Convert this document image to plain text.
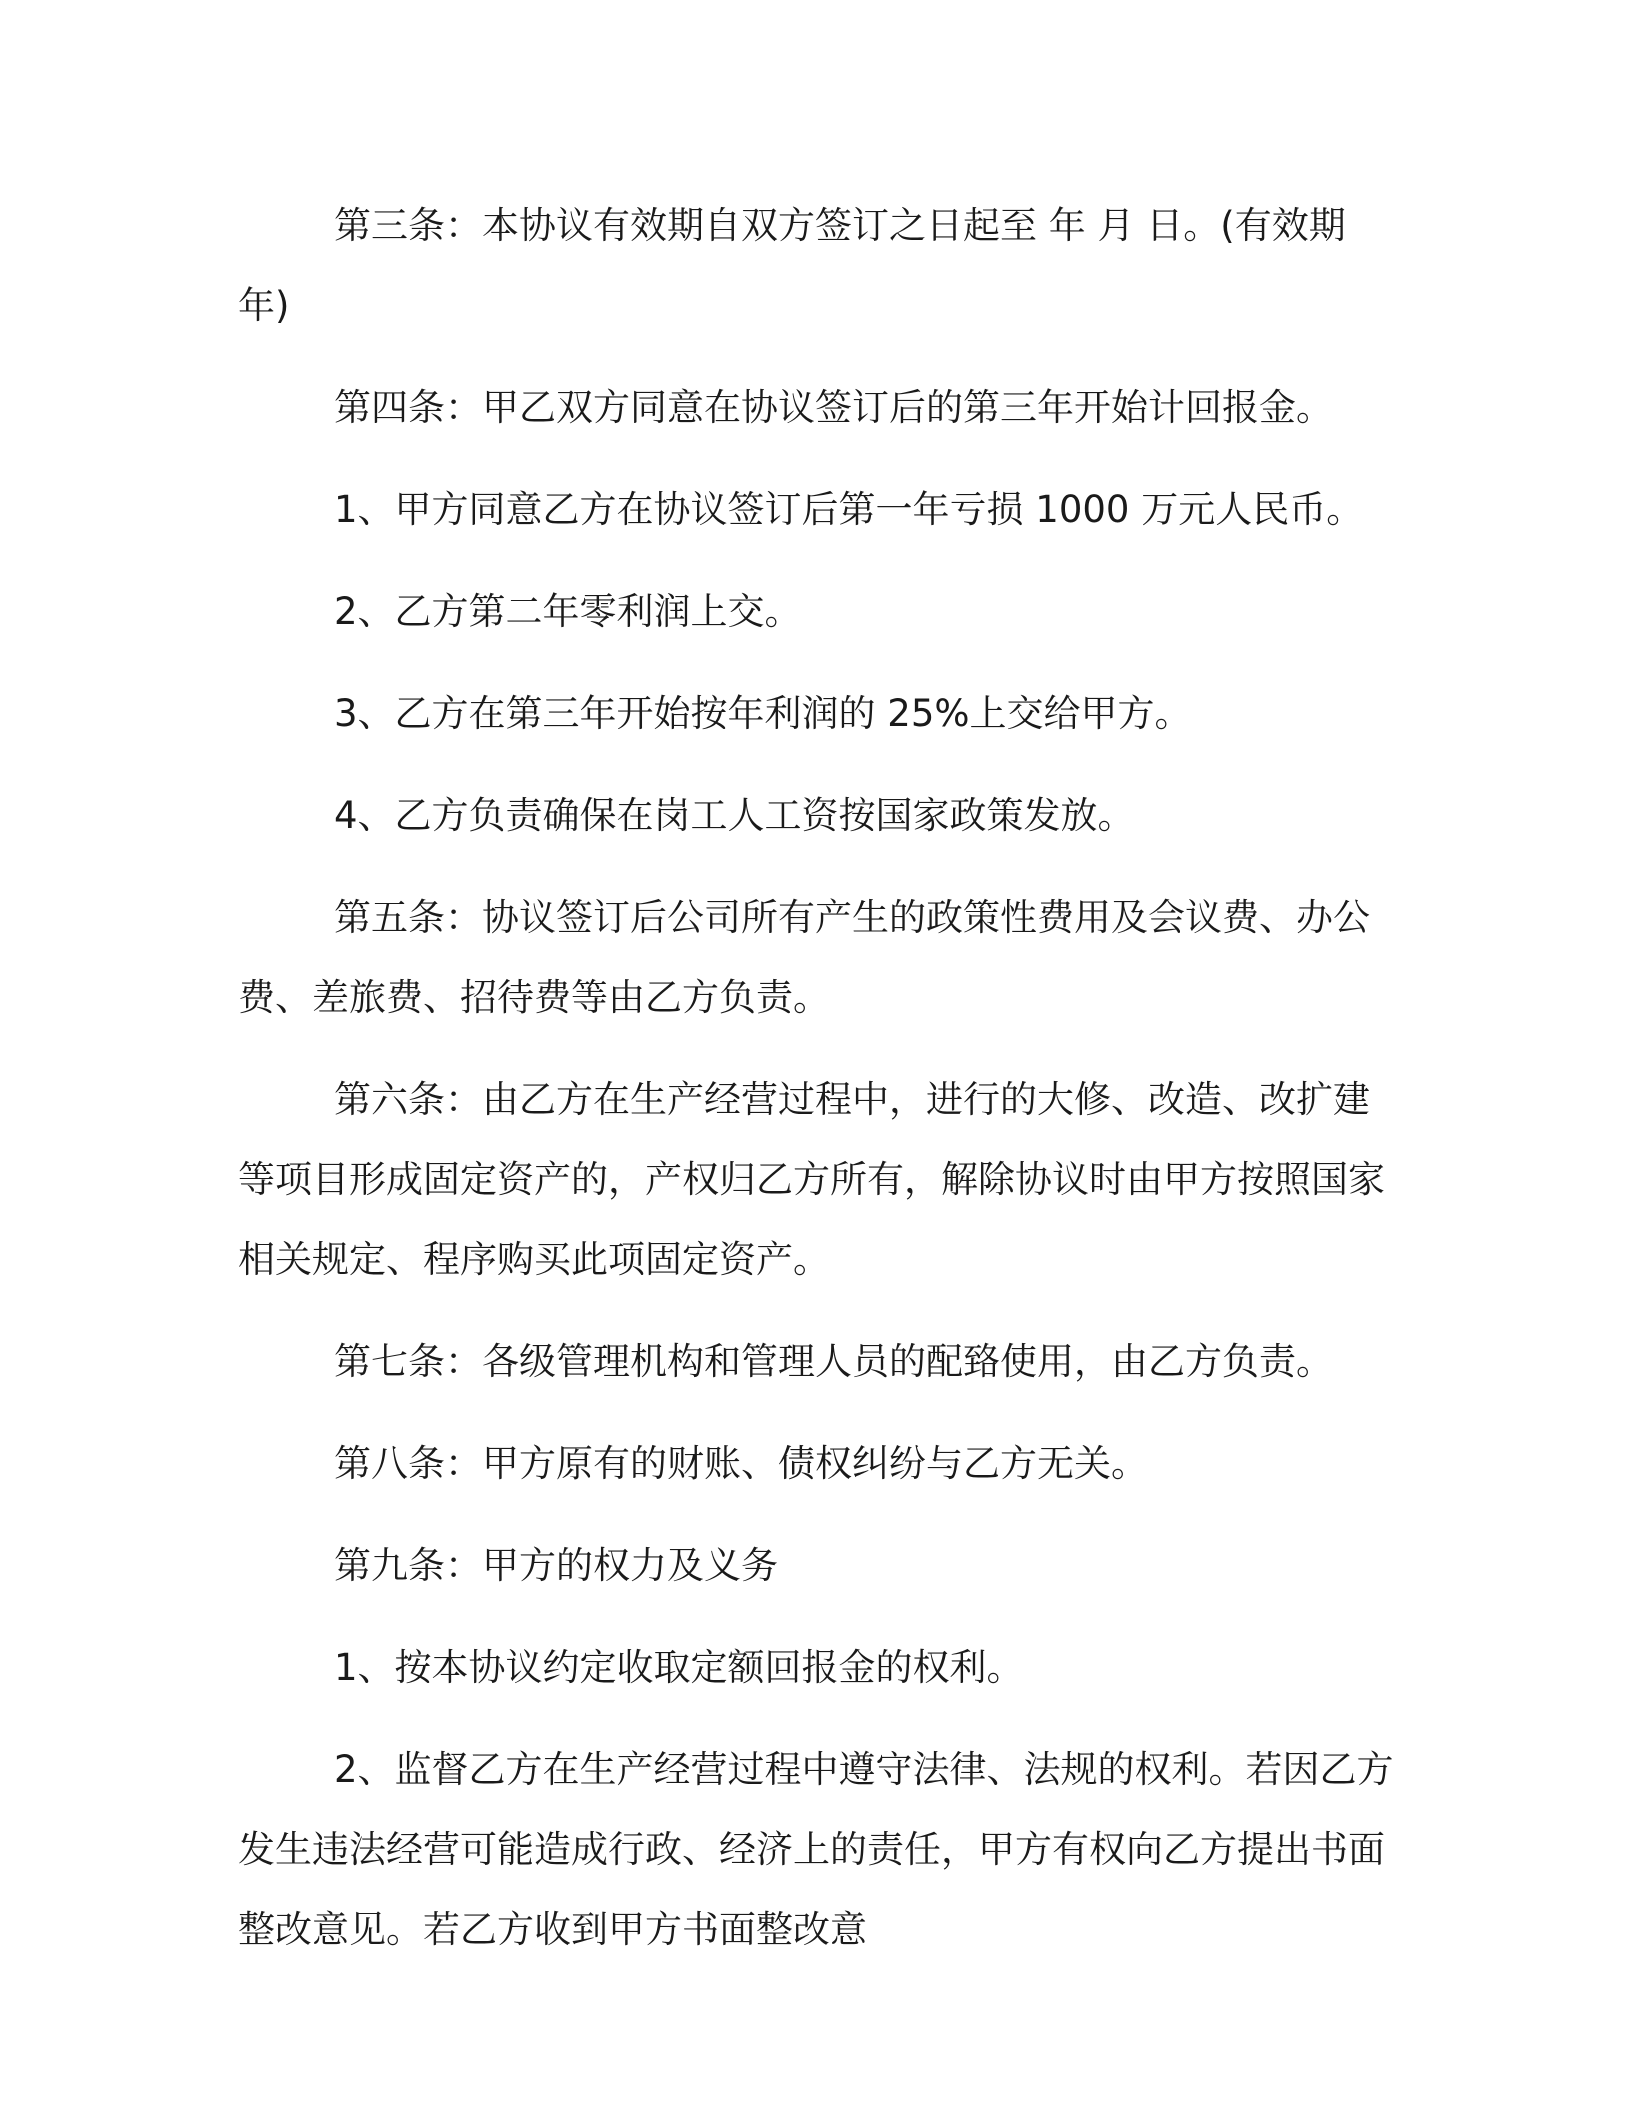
第三条：本协议有效期自双方签订之日起至 年 月 日。(有效期 年)

第四条：甲乙双方同意在协议签订后的第三年开始计回报金。

1、甲方同意乙方在协议签订后第一年亏损 1000 万元人民币。

2、乙方第二年零利润上交。

3、乙方在第三年开始按年利润的 25%上交给甲方。

4、乙方负责确保在岗工人工资按国家政策发放。

第五条：协议签订后公司所有产生的政策性费用及会议费、办公费、差旅费、招待费等由乙方负责。

第六条：由乙方在生产经营过程中，进行的大修、改造、改扩建等项目形成固定资产的，产权归乙方所有，解除协议时由甲方按照国家相关规定、程序购买此项固定资产。

第七条：各级管理机构和管理人员的配臵使用，由乙方负责。

第八条：甲方原有的财账、债权纠纷与乙方无关。

第九条：甲方的权力及义务

1、按本协议约定收取定额回报金的权利。

2、监督乙方在生产经营过程中遵守法律、法规的权利。若因乙方发生违法经营可能造成行政、经济上的责任，甲方有权向乙方提出书面整改意见。若乙方收到甲方书面整改意
